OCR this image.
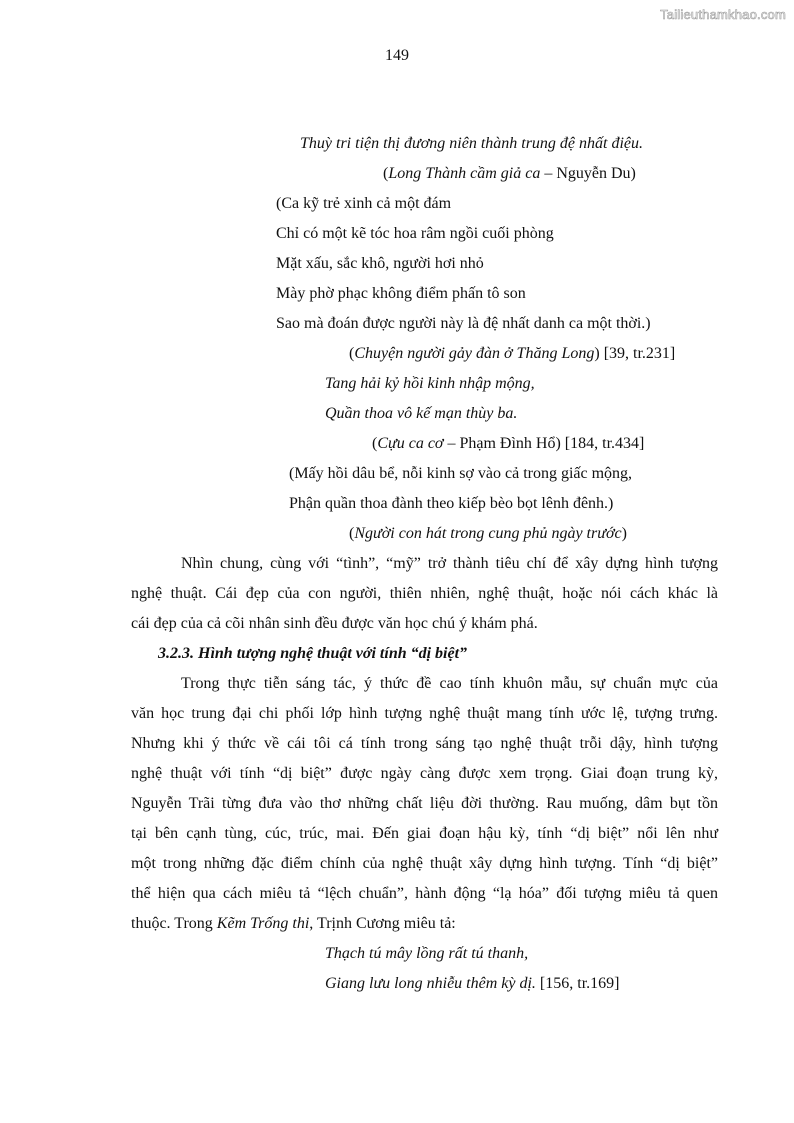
Tailieuthamkhao.com
149
Thuỳ tri tiện thị đương niên thành trung đệ nhất điệu.
(Long Thành cầm giả ca – Nguyễn Du)
(Ca kỹ trẻ xinh cả một đám
Chỉ có một kẽ tóc hoa râm ngồi cuối phòng
Mặt xấu, sắc khô, người hơi nhỏ
Mày phờ phạc không điểm phấn tô son
Sao mà đoán được người này là đệ nhất danh ca một thời.)
(Chuyện người gảy đàn ở Thăng Long) [39, tr.231]
Tang hải kỷ hồi kinh nhập mộng,
Quần thoa vô kế mạn thùy ba.
(Cựu ca cơ – Phạm Đình Hổ) [184, tr.434]
(Mấy hồi dâu bể, nỗi kinh sợ vào cả trong giấc mộng,
Phận quần thoa đành theo kiếp bèo bọt lênh đênh.)
(Người con hát trong cung phủ ngày trước)
Nhìn chung, cùng với “tình”, “mỹ” trở thành tiêu chí để xây dựng hình tượng
nghệ thuật. Cái đẹp của con người, thiên nhiên, nghệ thuật, hoặc nói cách khác là
cái đẹp của cả cõi nhân sinh đều được văn học chú ý khám phá.
3.2.3. Hình tượng nghệ thuật với tính “dị biệt”
Trong thực tiễn sáng tác, ý thức đề cao tính khuôn mẫu, sự chuẩn mực của
văn học trung đại chi phối lớp hình tượng nghệ thuật mang tính ước lệ, tượng trưng.
Nhưng khi ý thức về cái tôi cá tính trong sáng tạo nghệ thuật trỗi dậy, hình tượng
nghệ thuật với tính “dị biệt” được ngày càng được xem trọng. Giai đoạn trung kỳ,
Nguyễn Trãi từng đưa vào thơ những chất liệu đời thường. Rau muống, dâm bụt tồn
tại bên cạnh tùng, cúc, trúc, mai. Đến giai đoạn hậu kỳ, tính “dị biệt” nổi lên như
một trong những đặc điểm chính của nghệ thuật xây dựng hình tượng. Tính “dị biệt”
thể hiện qua cách miêu tả “lệch chuẩn”, hành động “lạ hóa” đối tượng miêu tả quen
thuộc. Trong Kẽm Trống thi, Trịnh Cương miêu tả:
Thạch tú mây lồng rất tú thanh,
Giang lưu long nhiễu thêm kỳ dị. [156, tr.169]
